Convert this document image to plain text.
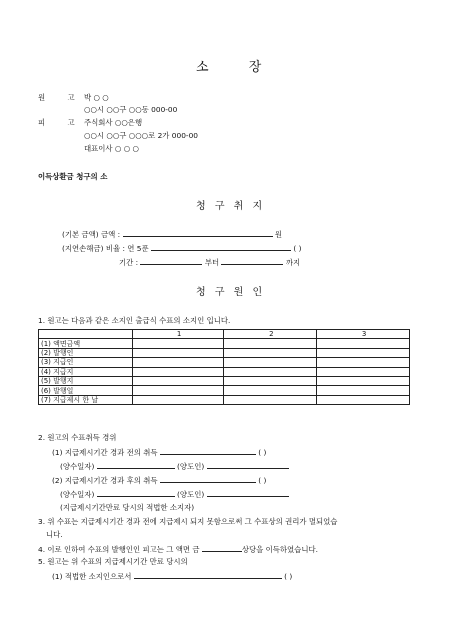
소 장
원 고 박 ○ ○
○○시 ○○구 ○○동 000-00
피 고 주식회사 ○○은행
○○시 ○○구 ○○○로 2가 000-00
대표이사 ○ ○ ○
이득상환금 청구의 소
청 구 취 지
(기본 금액) 금액 :	원
(지연손해금) 비율 : 연 5푼	( )
기간 :	부터	까지
청 구 원 인
1. 원고는 다음과 같은 소지인 출급식 수표의 소지인 입니다.
	1	2	3
(1) 액면금액			
(2) 발행인			
(3) 지급인			
(4) 지급지			
(5) 발행지			
(6) 발행일			
(7) 지급제시 한 날			
2. 원고의 수표취득 경위
(1) 지급제시기간 경과 전의 취득	( )
(양수일자)	(양도인)
(2) 지급제시기간 경과 후의 취득	( )
(양수일자)	(양도인)
(지급제시기간만료 당시의 적법한 소지자)
3. 위 수표는 지급제시기간 경과 전에 지급제시 되지 못함으로써 그 수표상의 권리가 멸되었습
니다.
4. 이로 인하여 수표의 발행인인 피고는 그 액면 금	상당을 이득하였습니다.
5. 원고는 위 수표의 지급제시기간 만료 당시의
(1) 적법한 소지인으로서	( )
